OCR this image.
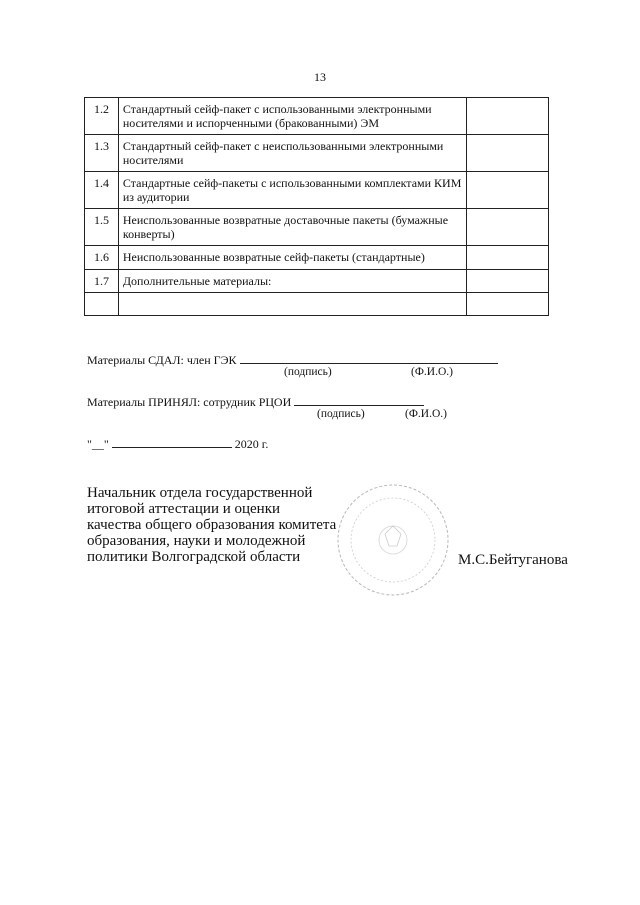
13
1.2	Стандартный сейф-пакет с использованными электронными носителями и испорченными (бракованными) ЭМ	
1.3	Стандартный сейф-пакет с неиспользованными электронными носителями	
1.4	Стандартные сейф-пакеты с использованными комплектами КИМ из аудитории	
1.5	Неиспользованные возвратные доставочные пакеты (бумажные конверты)	
1.6	Неиспользованные возвратные сейф-пакеты (стандартные)	
1.7	Дополнительные материалы:	

Материалы СДАЛ: член ГЭК
(подпись)	(Ф.И.О.)
Материалы ПРИНЯЛ: сотрудник РЦОИ
(подпись)	(Ф.И.О.)
"__"	2020 г.
Начальник отдела государственной итоговой аттестации и оценки качества общего образования комитета образования, науки и молодежной политики Волгоградской области	М.С.Бейтуганова
